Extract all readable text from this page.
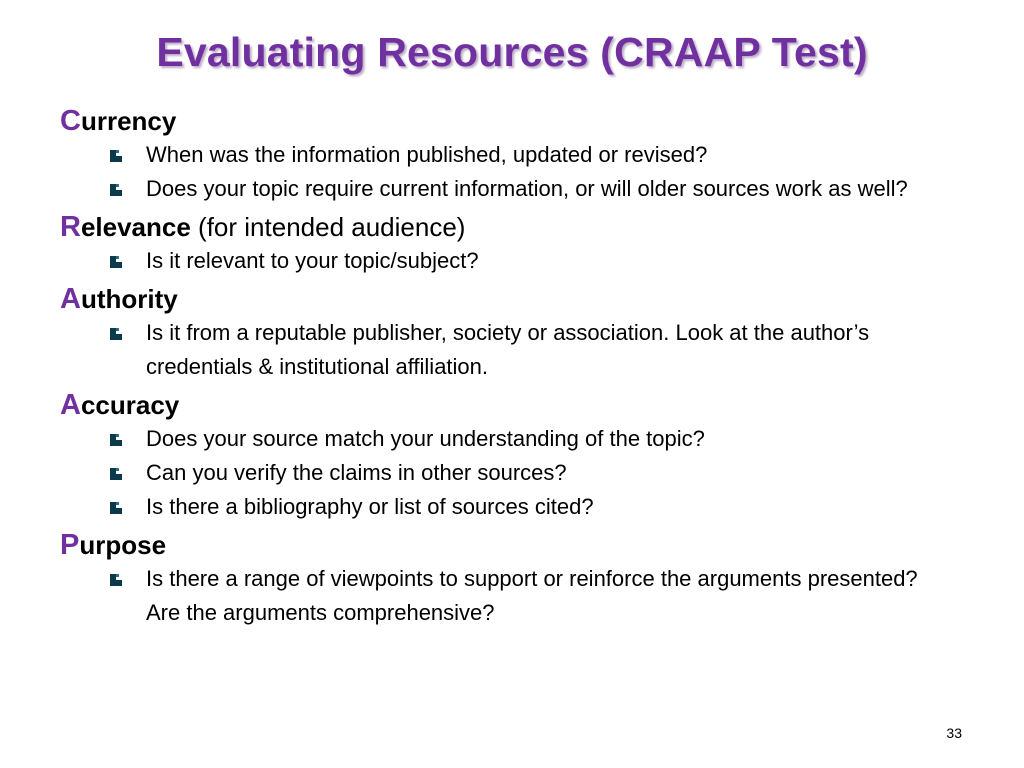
Evaluating Resources (CRAAP Test)
Currency
When was the information published, updated or revised?
Does your topic require current information, or will older sources work as well?
Relevance (for intended audience)
Is it relevant to your topic/subject?
Authority
Is it from a reputable publisher, society or association. Look at the author’s credentials & institutional affiliation.
Accuracy
Does your source match your understanding of the topic?
Can you verify the claims in other sources?
Is there a bibliography or list of sources cited?
Purpose
Is there a range of viewpoints to support or reinforce the arguments presented? Are the arguments comprehensive?
33
